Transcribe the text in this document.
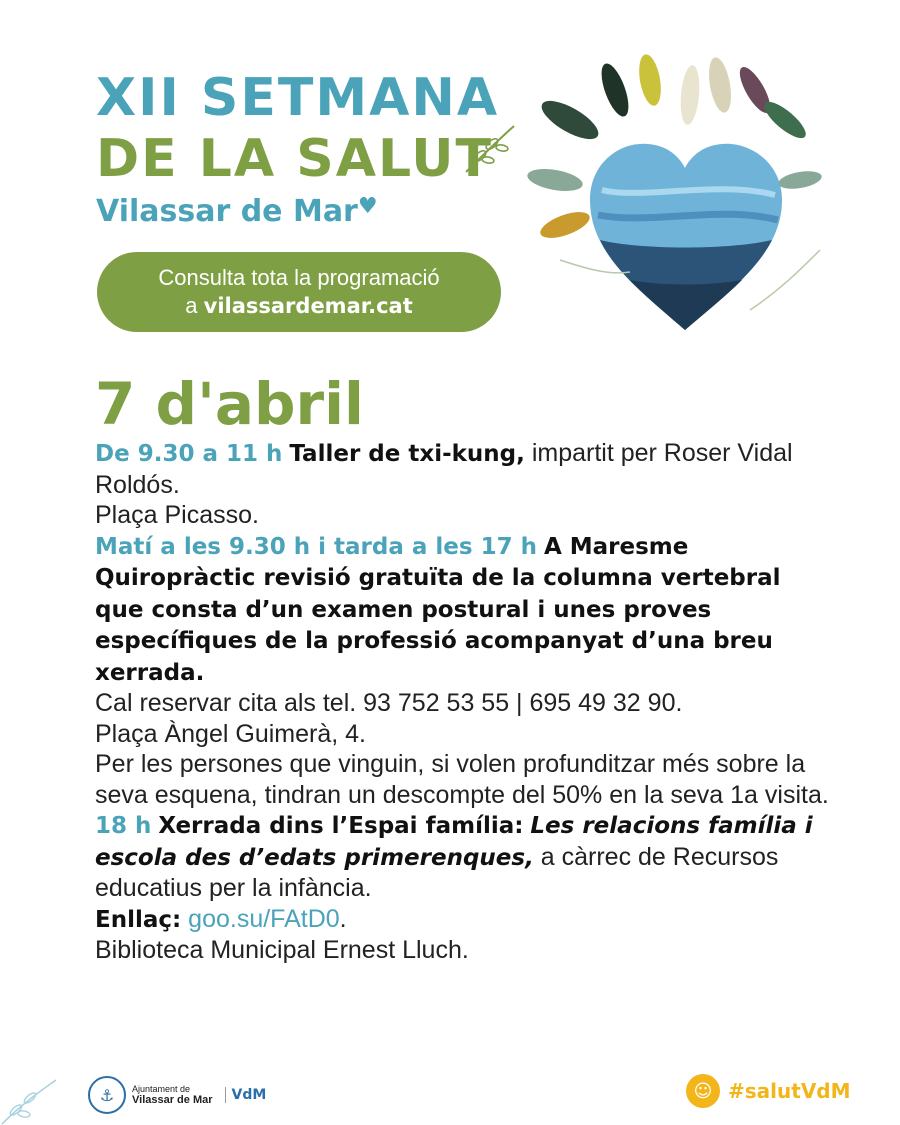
XII SETMANA
DE LA SALUT
Vilassar de Mar♥
Consulta tota la programació
a vilassardemar.cat
7 d'abril
De 9.30 a 11 h Taller de txi-kung, impartit per Roser Vidal Roldós.
Plaça Picasso.
Matí a les 9.30 h i tarda a les 17 h A Maresme Quiropràctic revisió gratuïta de la columna vertebral que consta d’un examen postural i unes proves específiques de la professió acompanyat d’una breu xerrada.
Cal reservar cita als tel. 93 752 53 55 | 695 49 32 90.
Plaça Àngel Guimerà, 4.
Per les persones que vinguin, si volen profunditzar més sobre la seva esquena, tindran un descompte del 50% en la seva 1a visita.
18 h Xerrada dins l’Espai família: Les relacions família i escola des d’edats primerenques, a càrrec de Recursos educatius per la infància.
Enllaç: goo.su/FAtD0.
Biblioteca Municipal Ernest Lluch.
⚓	Ajuntament de
Vilassar de Mar	VdM	☺ #salutVdM
